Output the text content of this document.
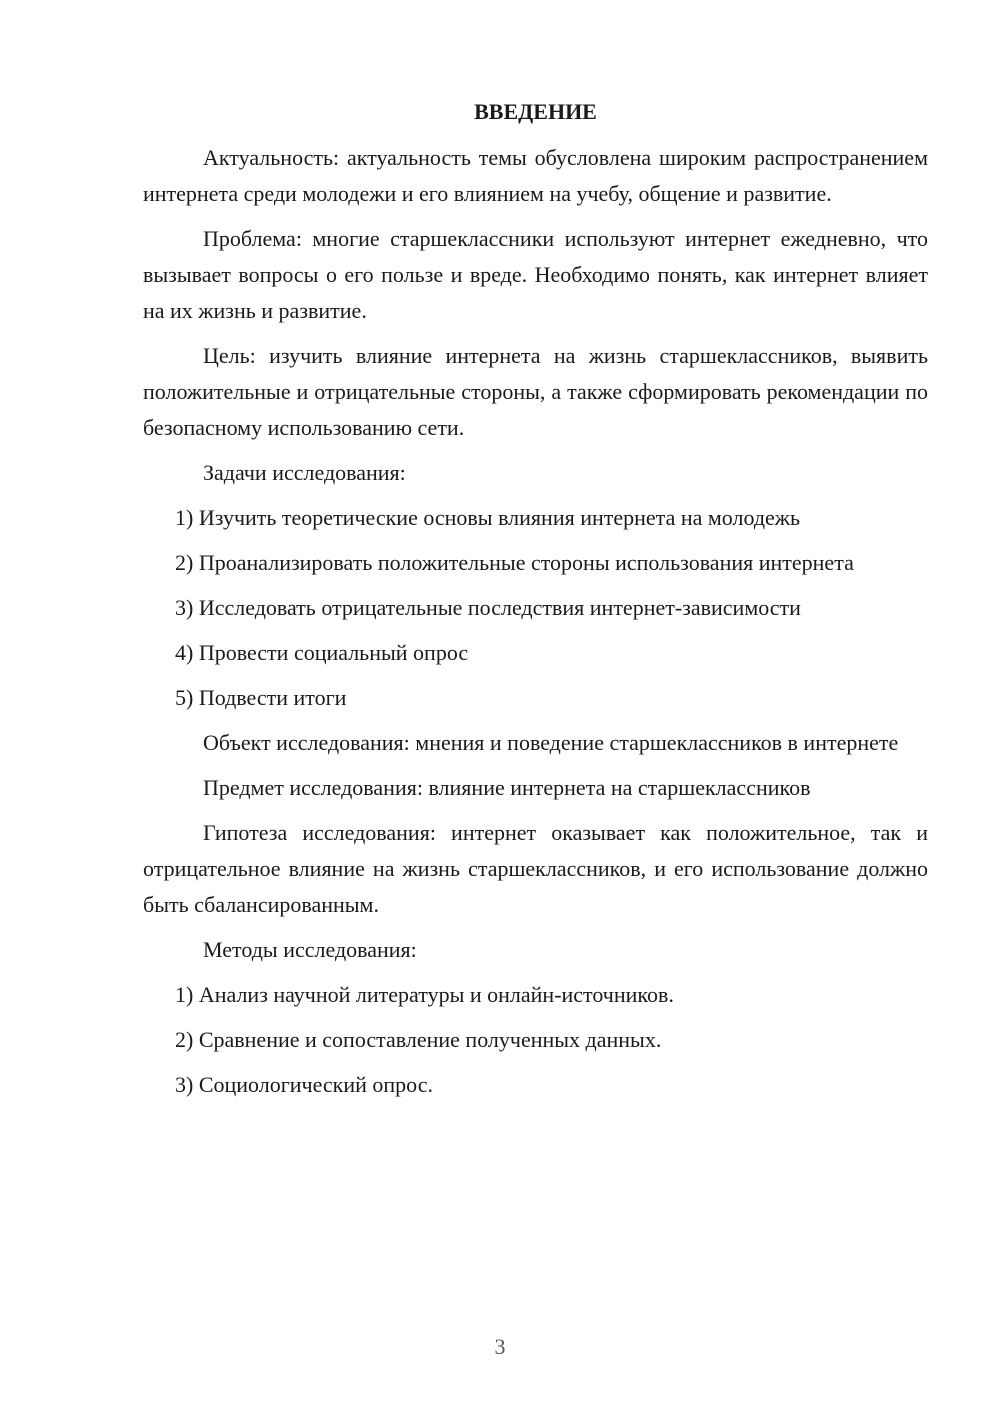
ВВЕДЕНИЕ

Актуальность: актуальность темы обусловлена широким распространением интернета среди молодежи и его влиянием на учебу, общение и развитие.

Проблема: многие старшеклассники используют интернет ежедневно, что вызывает вопросы о его пользе и вреде. Необходимо понять, как интернет влияет на их жизнь и развитие.

Цель: изучить влияние интернета на жизнь старшеклассников, выявить положительные и отрицательные стороны, а также сформировать рекомендации по безопасному использованию сети.

Задачи исследования:

1) Изучить теоретические основы влияния интернета на молодежь

2) Проанализировать положительные стороны использования интернета

3) Исследовать отрицательные последствия интернет-зависимости

4) Провести социальный опрос

5) Подвести итоги

Объект исследования: мнения и поведение старшеклассников в интернете

Предмет исследования: влияние интернета на старшеклассников

Гипотеза исследования: интернет оказывает как положительное, так и отрицательное влияние на жизнь старшеклассников, и его использование должно быть сбалансированным.

Методы исследования:

1) Анализ научной литературы и онлайн-источников.

2) Сравнение и сопоставление полученных данных.

3) Социологический опрос.

3
